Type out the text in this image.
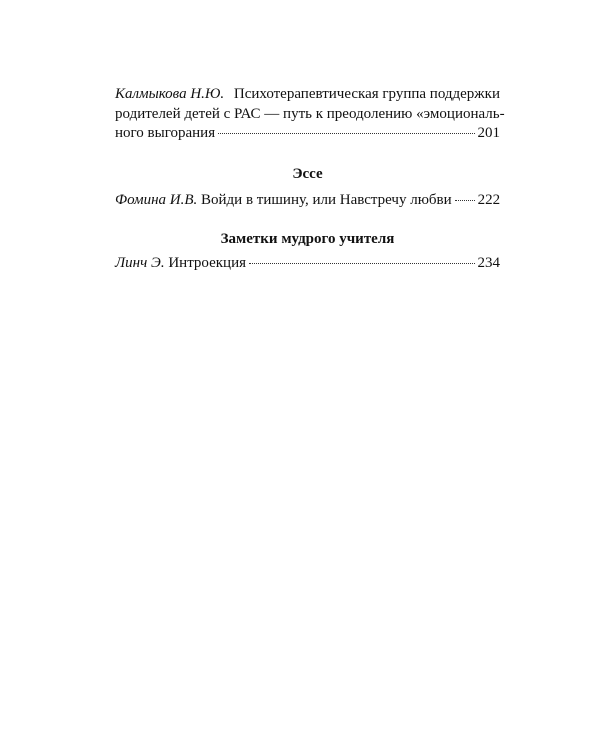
Калмыкова Н.Ю. Психотерапевтическая группа поддержки
родителей детей с РАС — путь к преодолению «эмоциональ-
ного выгорания	201
Эссе
Фомина И.В.
Войди в тишину, или Навстречу любви 222
Заметки мудрого учителя
Линч Э.
Интроекция	234
